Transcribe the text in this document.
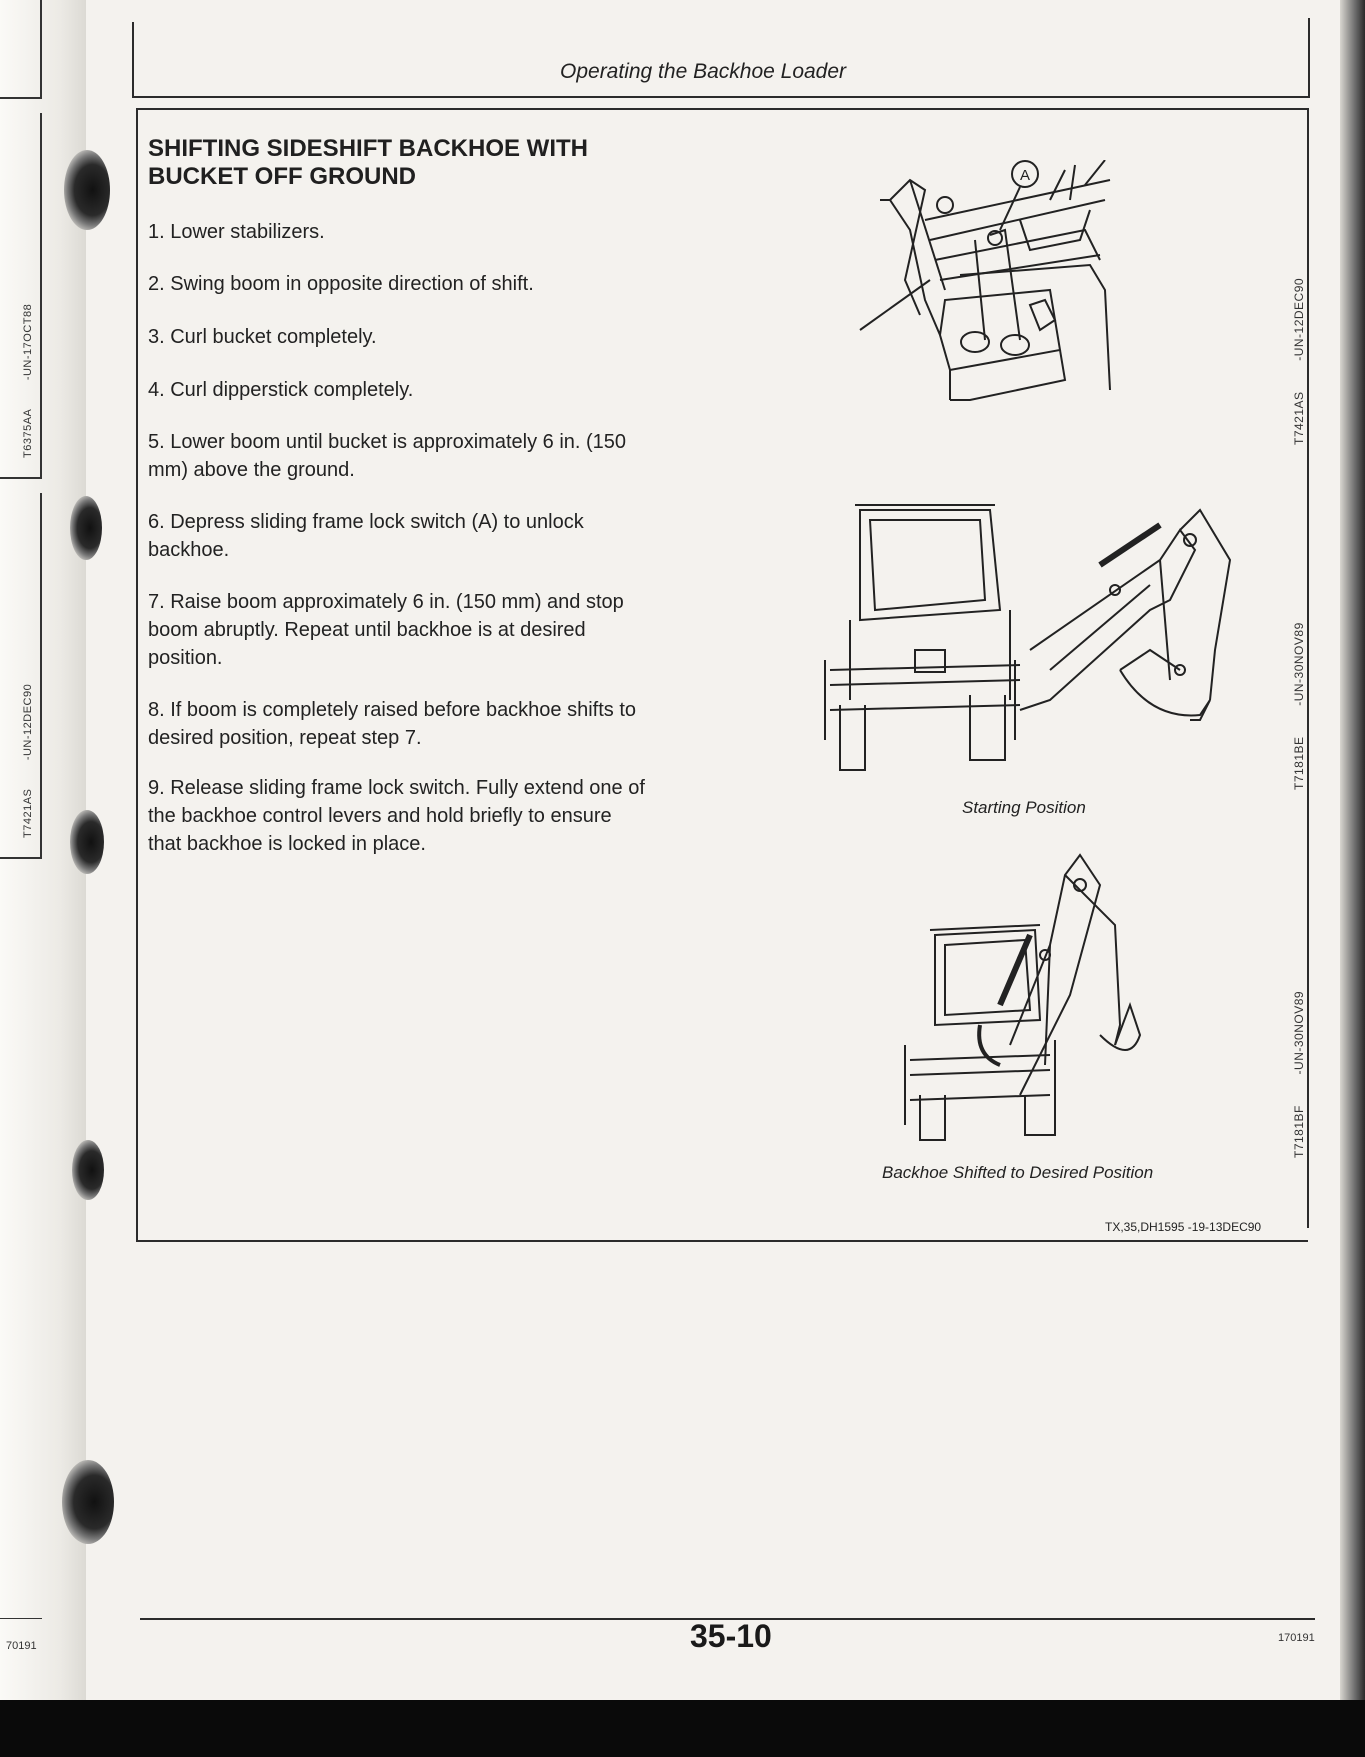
T6375AA        -UN-17OCT88
T7421AS        -UN-12DEC90
70191
Operating the Backhoe Loader
SHIFTING SIDESHIFT BACKHOE WITH
BUCKET OFF GROUND
1. Lower stabilizers.
2. Swing boom in opposite direction of shift.
3. Curl bucket completely.
4. Curl dipperstick completely.
5. Lower boom until bucket is approximately 6 in. (150
mm) above the ground.
6. Depress sliding frame lock switch (A) to unlock
backhoe.
7. Raise boom approximately 6 in. (150 mm) and stop
boom abruptly. Repeat until backhoe is at desired
position.
8. If boom is completely raised before backhoe shifts to
desired position, repeat step 7.
9. Release sliding frame lock switch. Fully extend one of
the backhoe control levers and hold briefly to ensure
that backhoe is locked in place.
A
Starting Position
Backhoe Shifted to Desired Position
T7421AS        -UN-12DEC90
T7181BE        -UN-30NOV89
T7181BF        -UN-30NOV89
TX,35,DH1595 -19-13DEC90
35-10	170191
